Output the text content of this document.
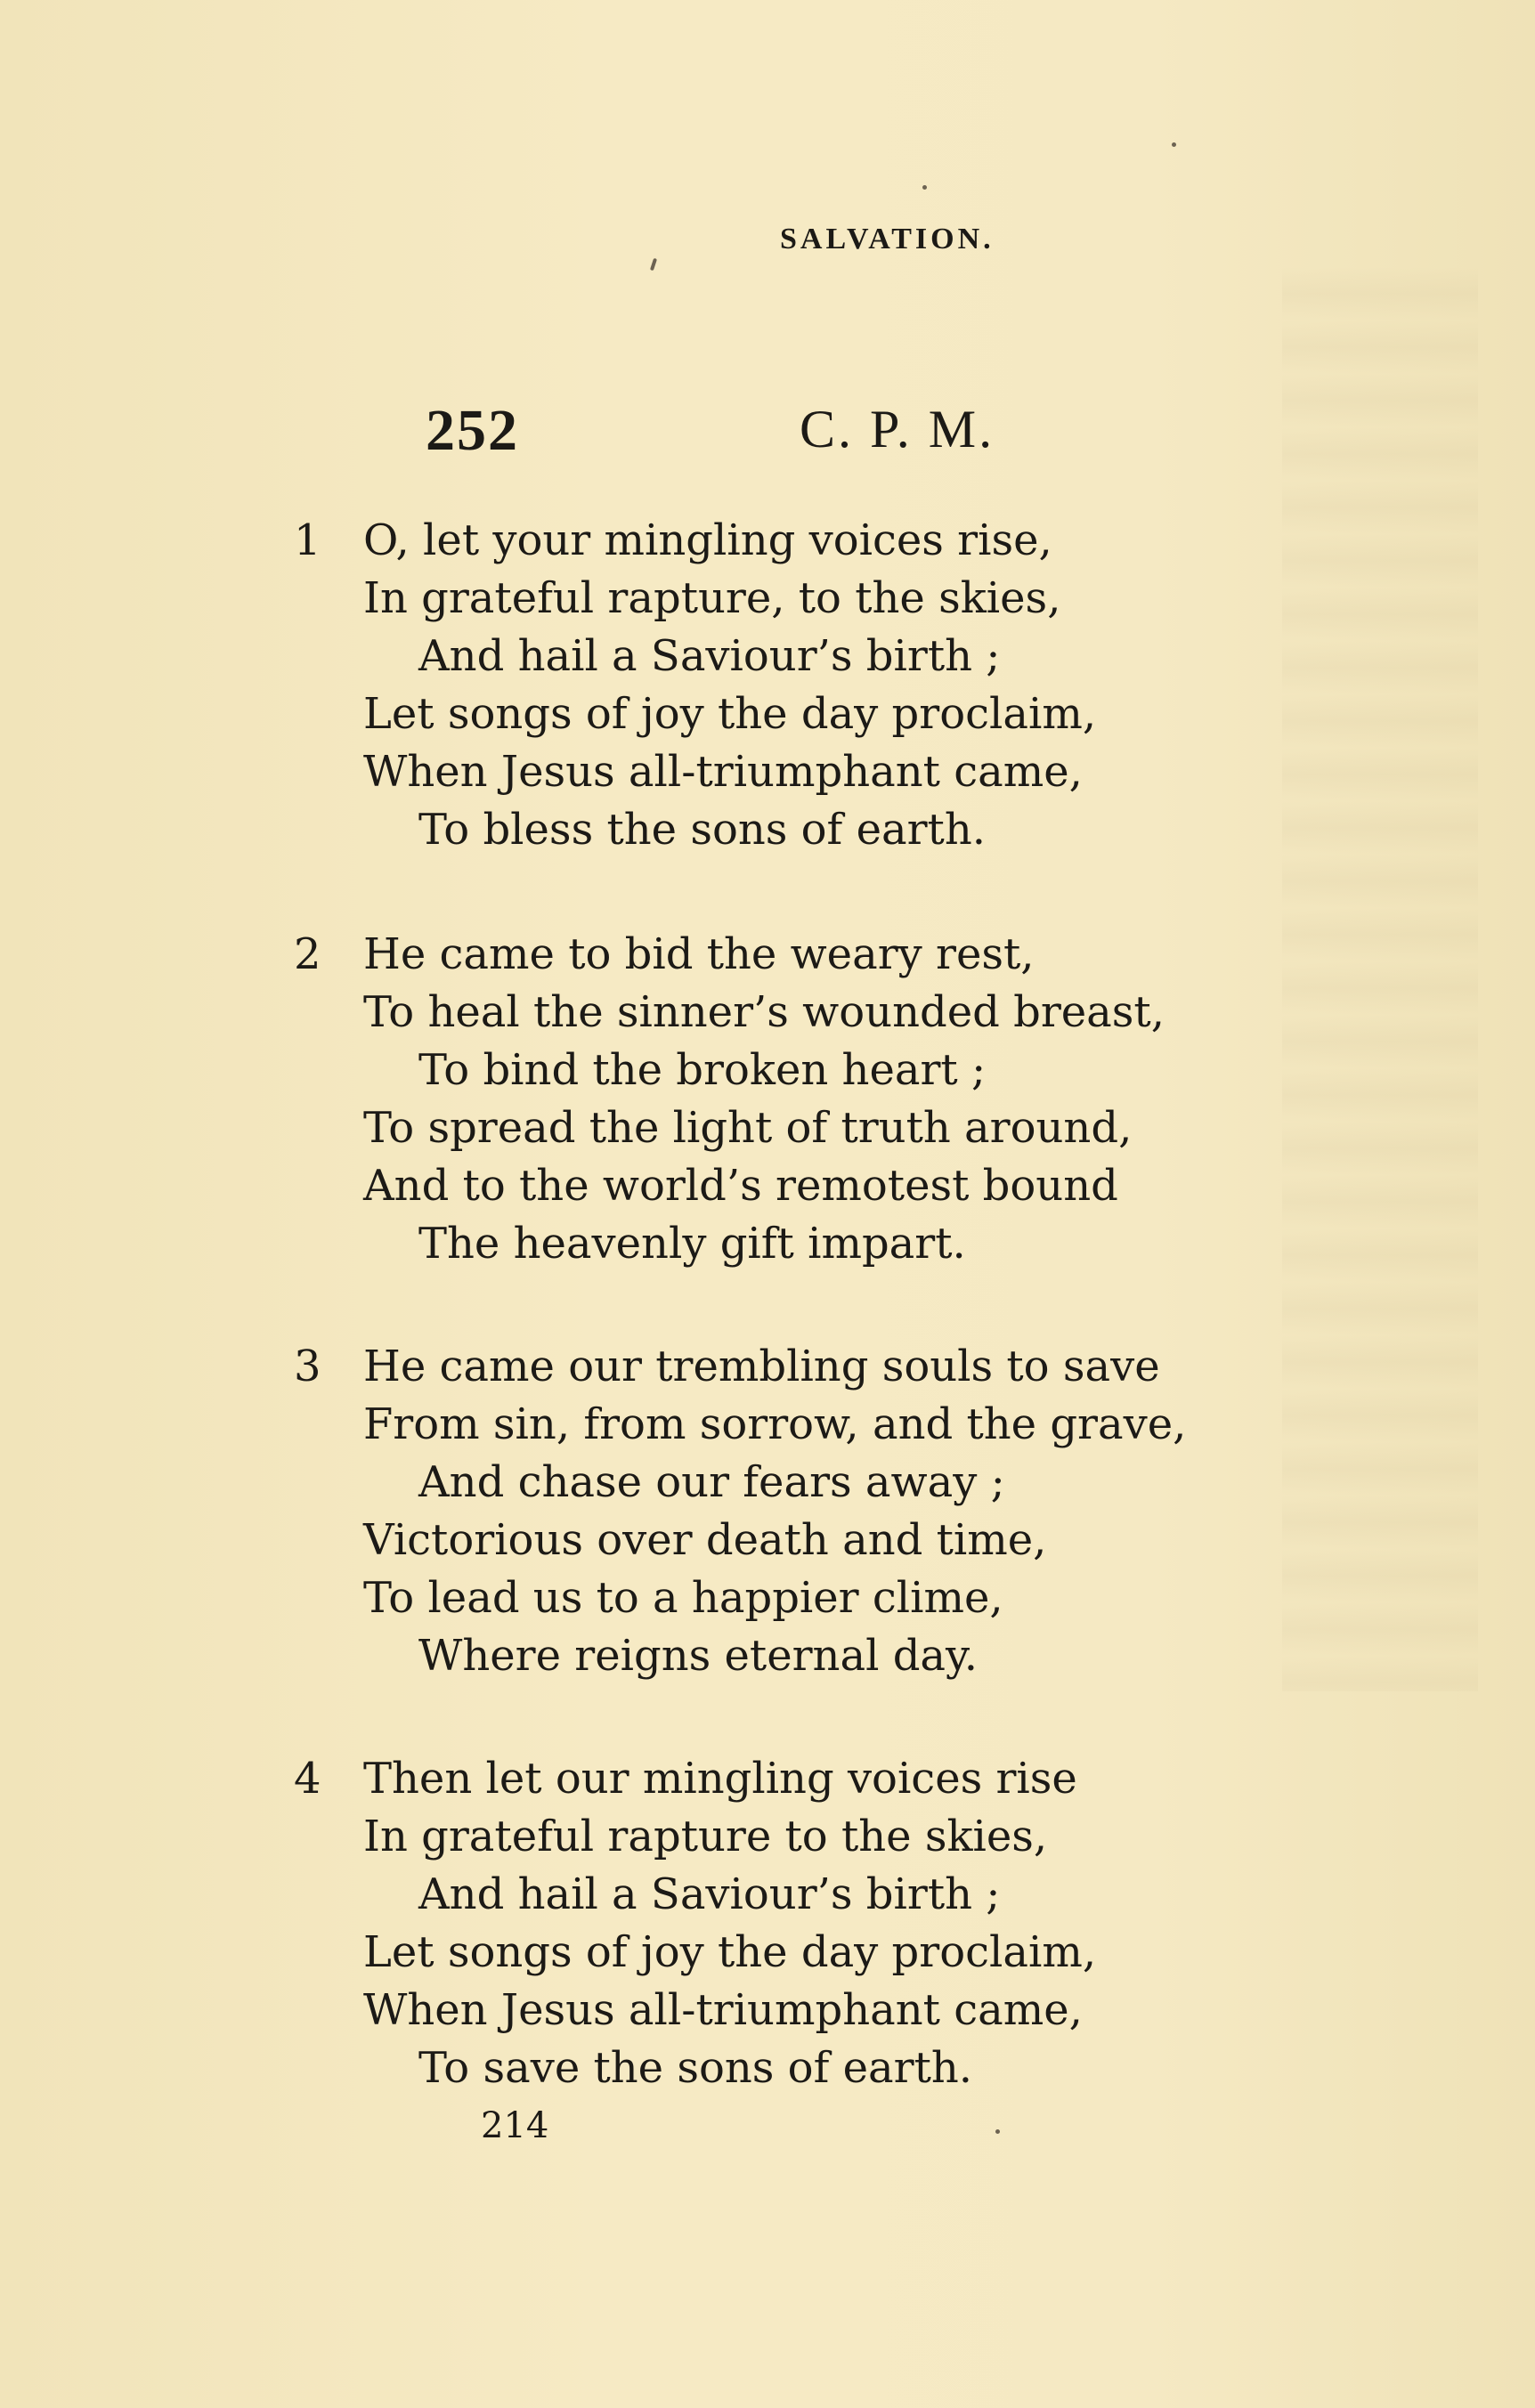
SALVATION.
252	C. P. M.
1 O, let your mingling voices rise,
In grateful rapture, to the skies,
And hail a Saviour’s birth ;
Let songs of joy the day proclaim,
When Jesus all-triumphant came,
To bless the sons of earth.
2 He came to bid the weary rest,
To heal the sinner’s wounded breast,
To bind the broken heart ;
To spread the light of truth around,
And to the world’s remotest bound
The heavenly gift impart.
3 He came our trembling souls to save
From sin, from sorrow, and the grave,
And chase our fears away ;
Victorious over death and time,
To lead us to a happier clime,
Where reigns eternal day.
4 Then let our mingling voices rise
In grateful rapture to the skies,
And hail a Saviour’s birth ;
Let songs of joy the day proclaim,
When Jesus all-triumphant came,
To save the sons of earth.
214
